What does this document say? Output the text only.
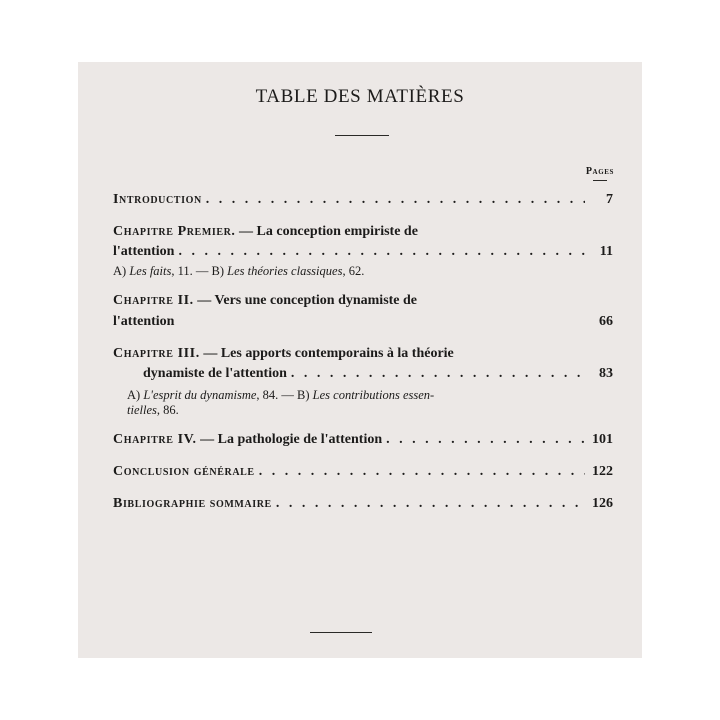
TABLE DES MATIÈRES
Pages
Introduction . . .	7
Chapitre Premier. — La conception empiriste de
l'attention . . .	11
A) Les faits, 11. — B) Les théories classiques, 62.
Chapitre II. — Vers une conception dynamiste de
l'attention	66
Chapitre III. — Les apports contemporains à la théorie
dynamiste de l'attention . . .	83
A) L'esprit du dynamisme, 84. — B) Les contributions essen-
tielles, 86.
Chapitre IV. — La pathologie de l'attention . . .	101
Conclusion générale . . .	122
Bibliographie sommaire . . .	126
